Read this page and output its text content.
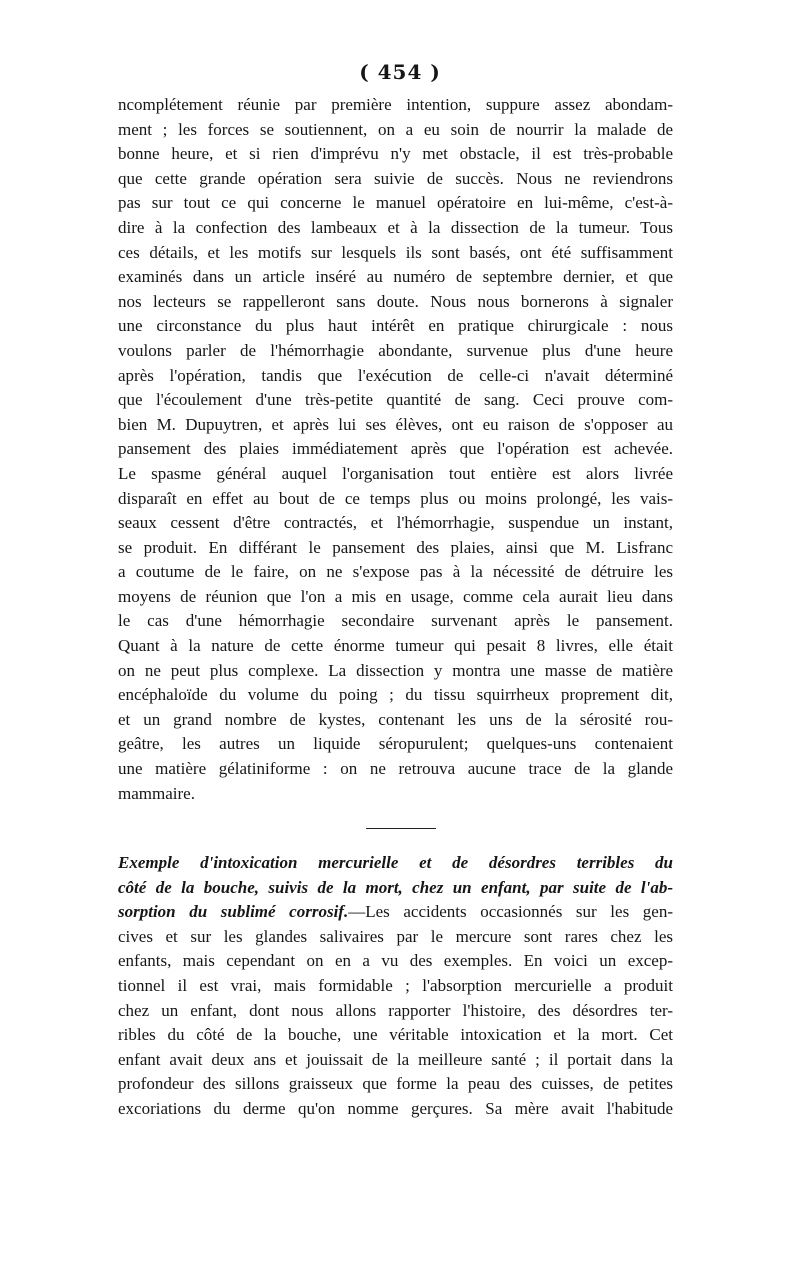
( 454 )
ncomplétement réunie par première intention, suppure assez abondam-
ment ; les forces se soutiennent, on a eu soin de nourrir la malade de
bonne heure, et si rien d'imprévu n'y met obstacle, il est très-probable
que cette grande opération sera suivie de succès. Nous ne reviendrons
pas sur tout ce qui concerne le manuel opératoire en lui-même, c'est-à-
dire à la confection des lambeaux et à la dissection de la tumeur. Tous
ces détails, et les motifs sur lesquels ils sont basés, ont été suffisamment
examinés dans un article inséré au numéro de septembre dernier, et que
nos lecteurs se rappelleront sans doute. Nous nous bornerons à signaler
une circonstance du plus haut intérêt en pratique chirurgicale : nous
voulons parler de l'hémorrhagie abondante, survenue plus d'une heure
après l'opération, tandis que l'exécution de celle-ci n'avait déterminé
que l'écoulement d'une très-petite quantité de sang. Ceci prouve com-
bien M. Dupuytren, et après lui ses élèves, ont eu raison de s'opposer au
pansement des plaies immédiatement après que l'opération est achevée.
Le spasme général auquel l'organisation tout entière est alors livrée
disparaît en effet au bout de ce temps plus ou moins prolongé, les vais-
seaux cessent d'être contractés, et l'hémorrhagie, suspendue un instant,
se produit. En différant le pansement des plaies, ainsi que M. Lisfranc
a coutume de le faire, on ne s'expose pas à la nécessité de détruire les
moyens de réunion que l'on a mis en usage, comme cela aurait lieu dans
le cas d'une hémorrhagie secondaire survenant après le pansement.
Quant à la nature de cette énorme tumeur qui pesait 8 livres, elle était
on ne peut plus complexe. La dissection y montra une masse de matière
encéphaloïde du volume du poing ; du tissu squirrheux proprement dit,
et un grand nombre de kystes, contenant les uns de la sérosité rou-
geâtre, les autres un liquide séropurulent; quelques-uns contenaient
une matière gélatiniforme : on ne retrouva aucune trace de la glande
mammaire.
Exemple d'intoxication mercurielle et de désordres terribles du
côté de la bouche, suivis de la mort, chez un enfant, par suite de l'ab-
sorption du sublimé corrosif.—Les accidents occasionnés sur les gen-
cives et sur les glandes salivaires par le mercure sont rares chez les
enfants, mais cependant on en a vu des exemples. En voici un excep-
tionnel il est vrai, mais formidable ; l'absorption mercurielle a produit
chez un enfant, dont nous allons rapporter l'histoire, des désordres ter-
ribles du côté de la bouche, une véritable intoxication et la mort. Cet
enfant avait deux ans et jouissait de la meilleure santé ; il portait dans la
profondeur des sillons graisseux que forme la peau des cuisses, de petites
excoriations du derme qu'on nomme gerçures. Sa mère avait l'habitude
